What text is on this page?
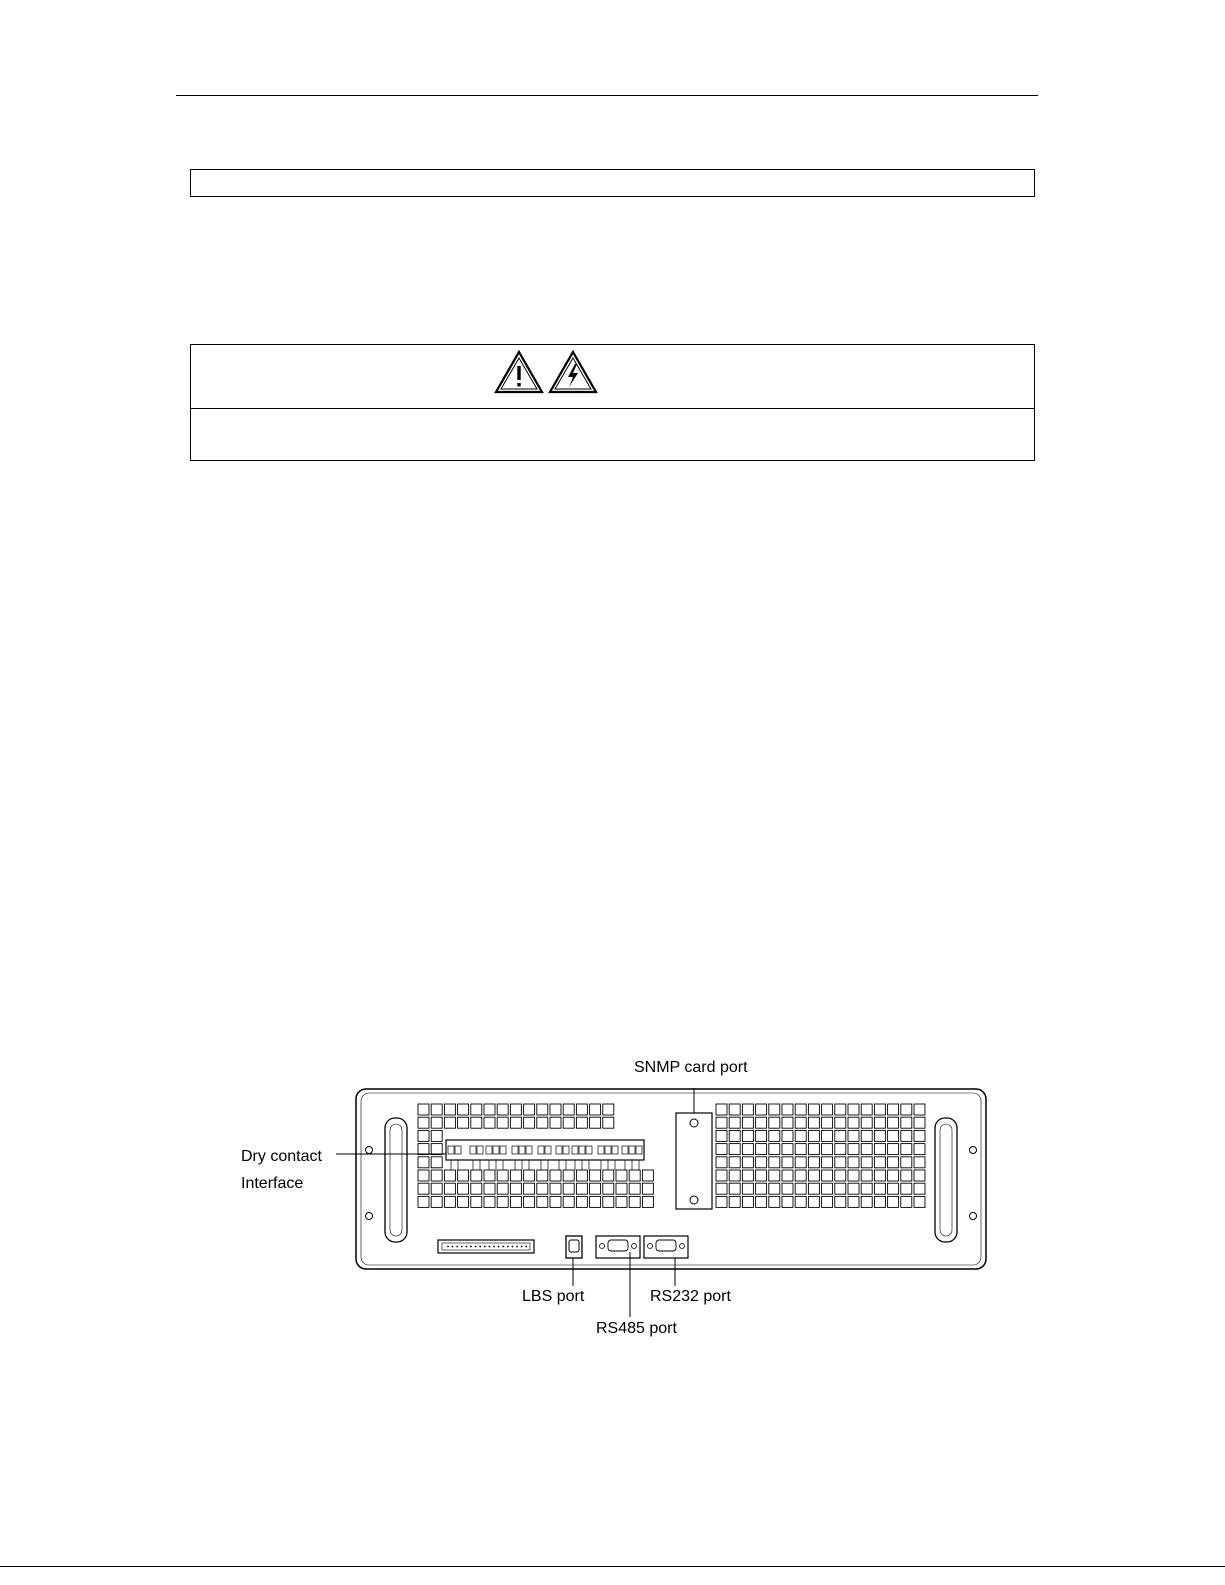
SNMP card port
Dry contact
Interface
LBS port	RS232 port
RS485 port
